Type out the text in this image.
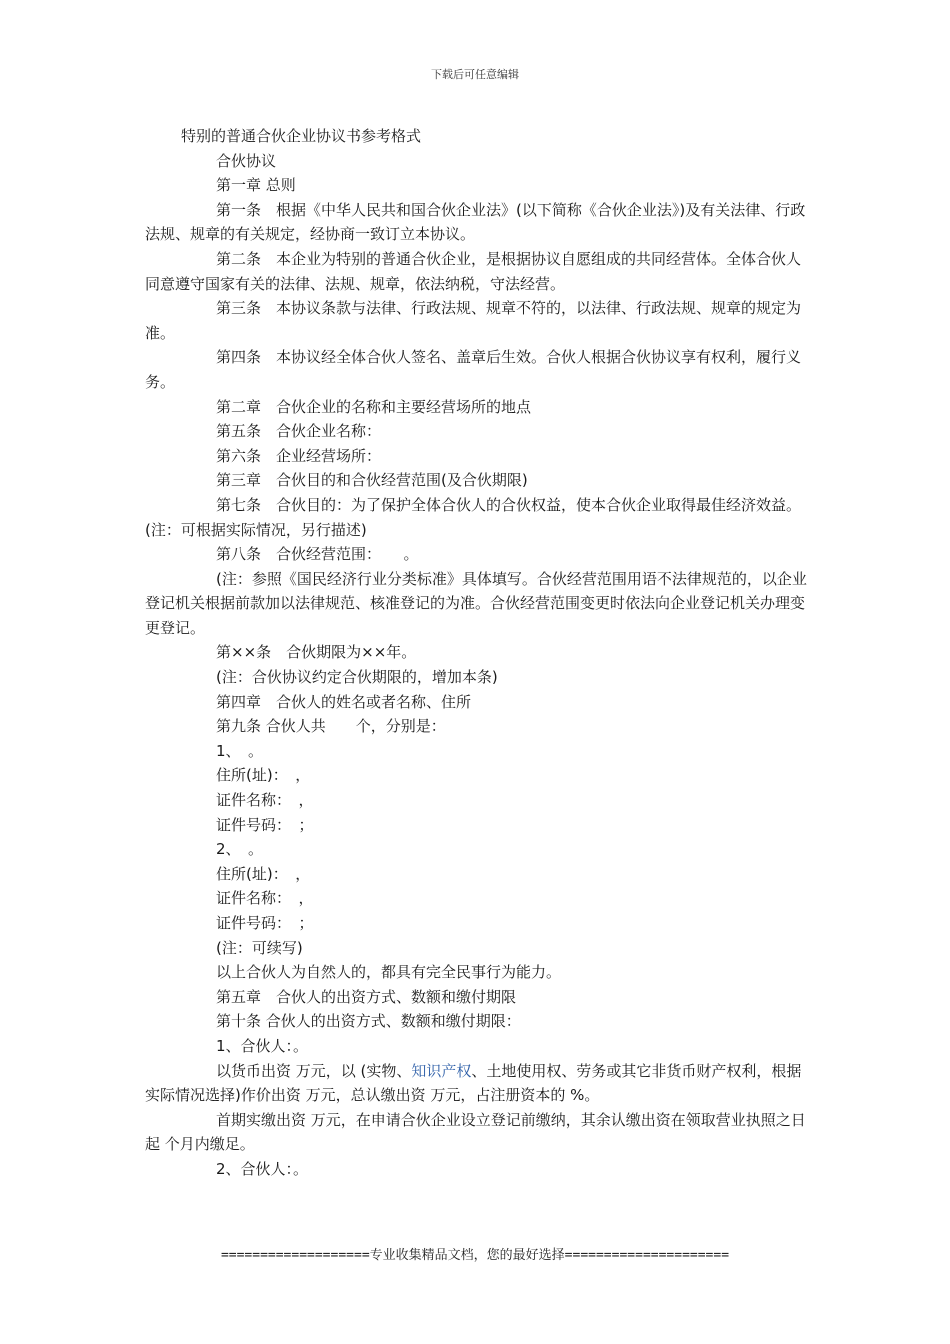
下载后可任意编辑

特别的普通合伙企业协议书参考格式

合伙协议

第一章 总则

第一条　根据《中华人民共和国合伙企业法》(以下简称《合伙企业法》)及有关法律、行政法规、规章的有关规定，经协商一致订立本协议。

第二条　本企业为特别的普通合伙企业，是根据协议自愿组成的共同经营体。全体合伙人同意遵守国家有关的法律、法规、规章，依法纳税，守法经营。

第三条　本协议条款与法律、行政法规、规章不符的，以法律、行政法规、规章的规定为准。

第四条　本协议经全体合伙人签名、盖章后生效。合伙人根据合伙协议享有权利，履行义务。

第二章　合伙企业的名称和主要经营场所的地点

第五条　合伙企业名称：

第六条　企业经营场所：

第三章　合伙目的和合伙经营范围(及合伙期限)

第七条　合伙目的：为了保护全体合伙人的合伙权益，使本合伙企业取得最佳经济效益。(注：可根据实际情况，另行描述)

第八条　合伙经营范围：　　。

(注：参照《国民经济行业分类标准》具体填写。合伙经营范围用语不法律规范的，以企业登记机关根据前款加以法律规范、核准登记的为准。合伙经营范围变更时依法向企业登记机关办理变更登记。

第××条　合伙期限为××年。

(注：合伙协议约定合伙期限的，增加本条)

第四章　合伙人的姓名或者名称、住所

第九条 合伙人共　　个，分别是：

1、　。

住所(址)：　，

证件名称：　，

证件号码：　；

2、　。

住所(址)：　，

证件名称：　，

证件号码：　；

(注：可续写)

以上合伙人为自然人的，都具有完全民事行为能力。

第五章　合伙人的出资方式、数额和缴付期限

第十条 合伙人的出资方式、数额和缴付期限：

1、合伙人：。

以货币出资 万元，以 (实物、知识产权、土地使用权、劳务或其它非货币财产权利，根据实际情况选择)作价出资 万元，总认缴出资 万元，占注册资本的 %。

首期实缴出资 万元，在申请合伙企业设立登记前缴纳，其余认缴出资在领取营业执照之日起 个月内缴足。

2、合伙人：。

===================专业收集精品文档，您的最好选择=====================
